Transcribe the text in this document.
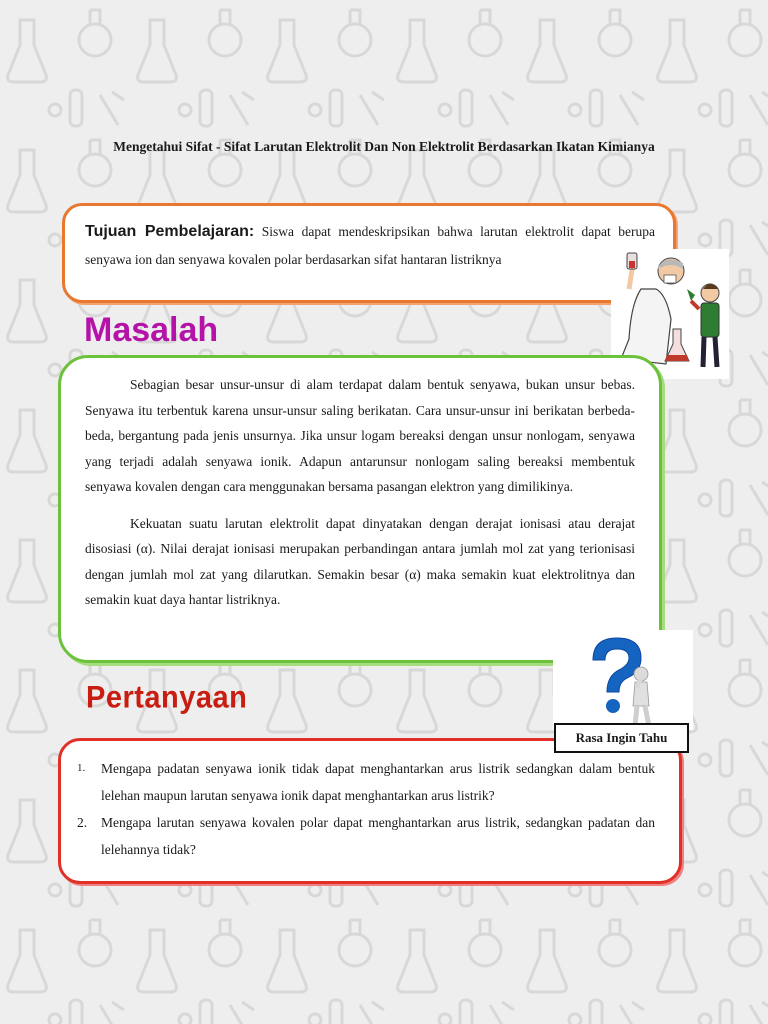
Mengetahui Sifat - Sifat Larutan Elektrolit Dan Non Elektrolit Berdasarkan Ikatan Kimianya
Tujuan Pembelajaran: Siswa dapat mendeskripsikan bahwa larutan elektrolit dapat berupa senyawa ion dan senyawa kovalen polar berdasarkan sifat hantaran listriknya
Masalah

Sebagian besar unsur-unsur di alam terdapat dalam bentuk senyawa, bukan unsur bebas. Senyawa itu terbentuk karena unsur-unsur saling berikatan. Cara unsur-unsur ini berikatan berbeda-beda, bergantung pada jenis unsurnya. Jika unsur logam bereaksi dengan unsur nonlogam, senyawa yang terjadi adalah senyawa ionik. Adapun antarunsur nonlogam saling bereaksi membentuk senyawa kovalen dengan cara menggunakan bersama pasangan elektron yang dimilikinya.

Kekuatan suatu larutan elektrolit dapat dinyatakan dengan derajat ionisasi atau derajat disosiasi (α). Nilai derajat ionisasi merupakan perbandingan antara jumlah mol zat yang terionisasi dengan jumlah mol zat yang dilarutkan. Semakin besar (α) maka semakin kuat elektrolitnya dan semakin kuat daya hantar listriknya.

Pertanyaan
1.	Mengapa padatan senyawa ionik tidak dapat menghantarkan arus listrik sedangkan dalam bentuk lelehan maupun larutan senyawa ionik dapat menghantarkan arus listrik?
2.	Mengapa larutan senyawa kovalen polar dapat menghantarkan arus listrik, sedangkan padatan dan lelehannya tidak?
Rasa Ingin Tahu
